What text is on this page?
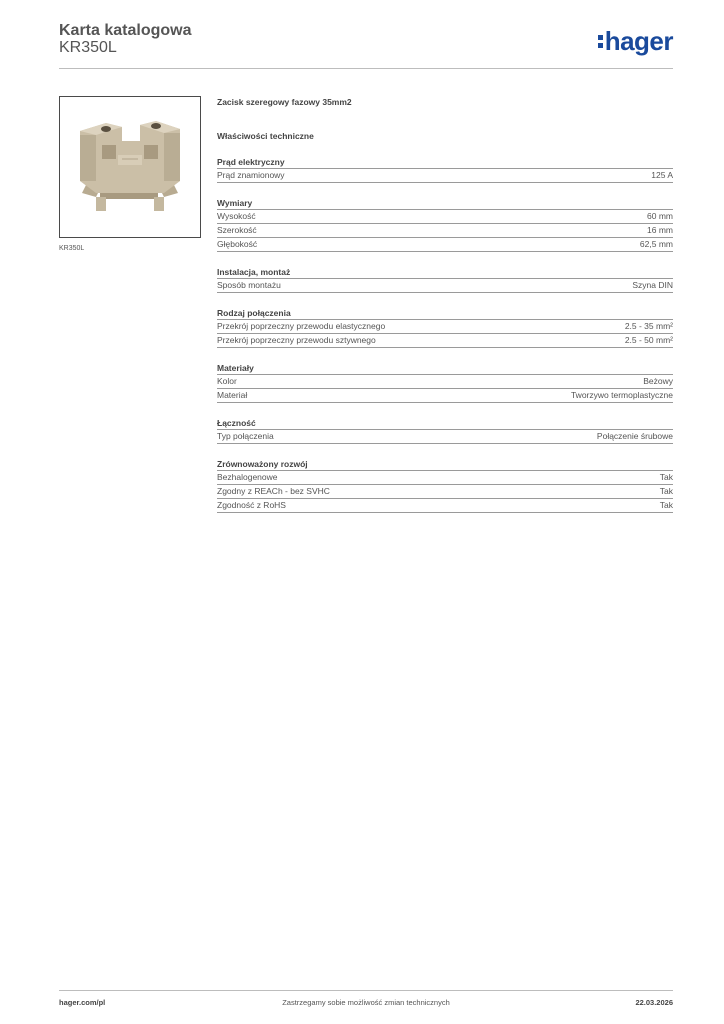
Karta katalogowa
KR350L	hager
KR350L
Zacisk szeregowy fazowy 35mm2
Właściwości techniczne
Prąd elektryczny
Prąd znamionowy	125 A
Wymiary
Wysokość	60 mm
Szerokość	16 mm
Głębokość	62,5 mm
Instalacja, montaż
Sposób montażu	Szyna DIN
Rodzaj połączenia
Przekrój poprzeczny przewodu elastycznego	2.5 - 35 mm²
Przekrój poprzeczny przewodu sztywnego	2.5 - 50 mm²
Materiały
Kolor	Beżowy
Materiał	Tworzywo termoplastyczne
Łączność
Typ połączenia	Połączenie śrubowe
Zrównoważony rozwój
Bezhalogenowe	Tak
Zgodny z REACh - bez SVHC	Tak
Zgodność z RoHS	Tak
hager.com/pl	Zastrzegamy sobie możliwość zmian technicznych	22.03.2026
